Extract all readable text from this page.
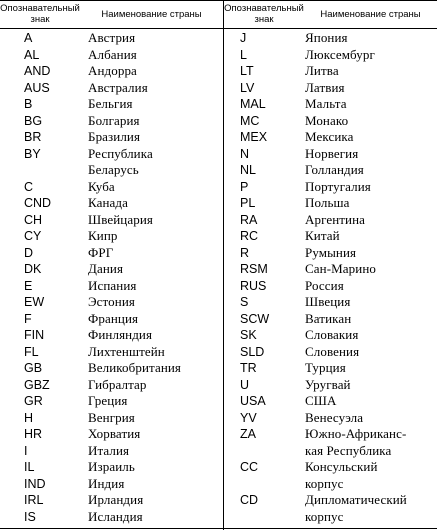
Опознавательный знак	Наименование страны	Опознавательный знак	Наименование страны
A	Австрия
AL	Албания
AND	Андорра
AUS	Австралия
B	Бельгия
BG	Болгария
BR	Бразилия
BY	Республика
Беларусь
C	Куба
CND	Канада
CH	Швейцария
CY	Кипр
D	ФРГ
DK	Дания
E	Испания
EW	Эстония
F	Франция
FIN	Финляндия
FL	Лихтенштейн
GB	Великобритания
GBZ	Гибралтар
GR	Греция
H	Венгрия
HR	Хорватия
I	Италия
IL	Израиль
IND	Индия
IRL	Ирландия
IS	Исландия
J	Япония
L	Люксембург
LT	Литва
LV	Латвия
MAL	Мальта
MC	Монако
MEX	Мексика
N	Норвегия
NL	Голландия
P	Португалия
PL	Польша
RA	Аргентина
RC	Китай
R	Румыния
RSM	Сан-Марино
RUS	Россия
S	Швеция
SCW	Ватикан
SK	Словакия
SLD	Словения
TR	Турция
U	Уругвай
USA	США
YV	Венесуэла
ZA	Южно-Африканс-
кая Республика
CC	Консульский
корпус
CD	Дипломатический
корпус
